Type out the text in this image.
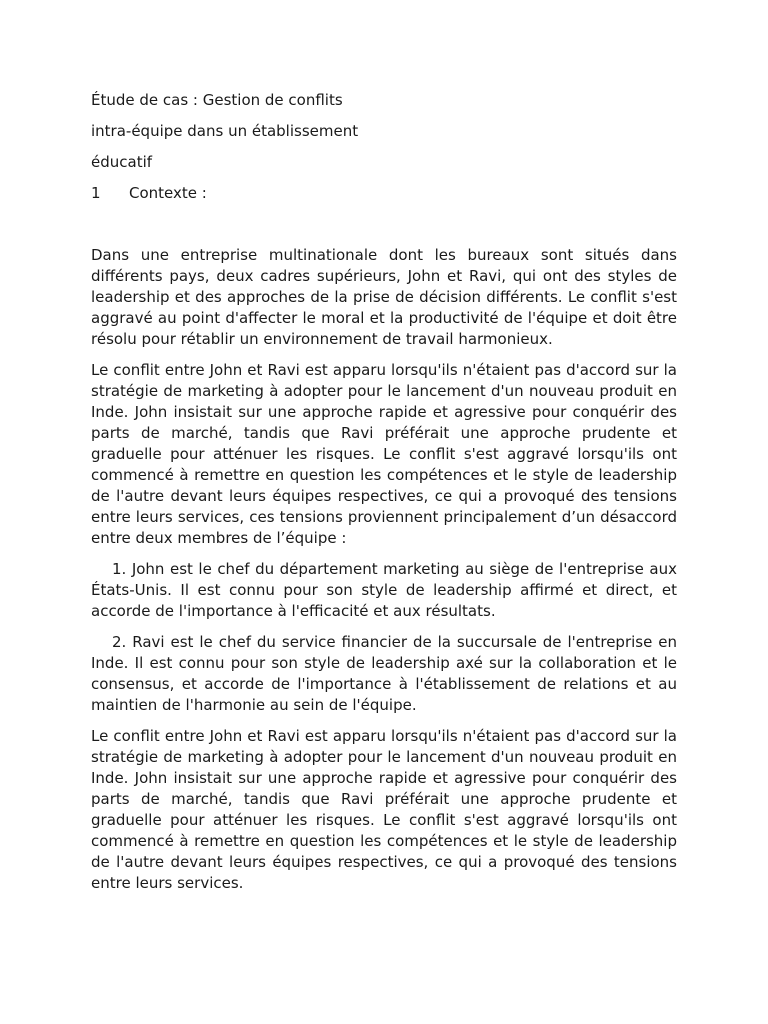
Étude de cas : Gestion de conflits

intra-équipe dans un établissement

éducatif

1	Contexte :

Dans une entreprise multinationale dont les bureaux sont situés dans différents pays, deux cadres supérieurs, John et Ravi, qui ont des styles de leadership et des approches de la prise de décision différents. Le conflit s'est aggravé au point d'affecter le moral et la productivité de l'équipe et doit être résolu pour rétablir un environnement de travail harmonieux.

Le conflit entre John et Ravi est apparu lorsqu'ils n'étaient pas d'accord sur la stratégie de marketing à adopter pour le lancement d'un nouveau produit en Inde. John insistait sur une approche rapide et agressive pour conquérir des parts de marché, tandis que Ravi préférait une approche prudente et graduelle pour atténuer les risques. Le conflit s'est aggravé lorsqu'ils ont commencé à remettre en question les compétences et le style de leadership de l'autre devant leurs équipes respectives, ce qui a provoqué des tensions entre leurs services, ces tensions proviennent principalement d’un désaccord entre deux membres de l’équipe :

1. John est le chef du département marketing au siège de l'entreprise aux États-Unis. Il est connu pour son style de leadership affirmé et direct, et accorde de l'importance à l'efficacité et aux résultats.

2. Ravi est le chef du service financier de la succursale de l'entreprise en Inde. Il est connu pour son style de leadership axé sur la collaboration et le consensus, et accorde de l'importance à l'établissement de relations et au maintien de l'harmonie au sein de l'équipe.

Le conflit entre John et Ravi est apparu lorsqu'ils n'étaient pas d'accord sur la stratégie de marketing à adopter pour le lancement d'un nouveau produit en Inde. John insistait sur une approche rapide et agressive pour conquérir des parts de marché, tandis que Ravi préférait une approche prudente et graduelle pour atténuer les risques. Le conflit s'est aggravé lorsqu'ils ont commencé à remettre en question les compétences et le style de leadership de l'autre devant leurs équipes respectives, ce qui a provoqué des tensions entre leurs services.
